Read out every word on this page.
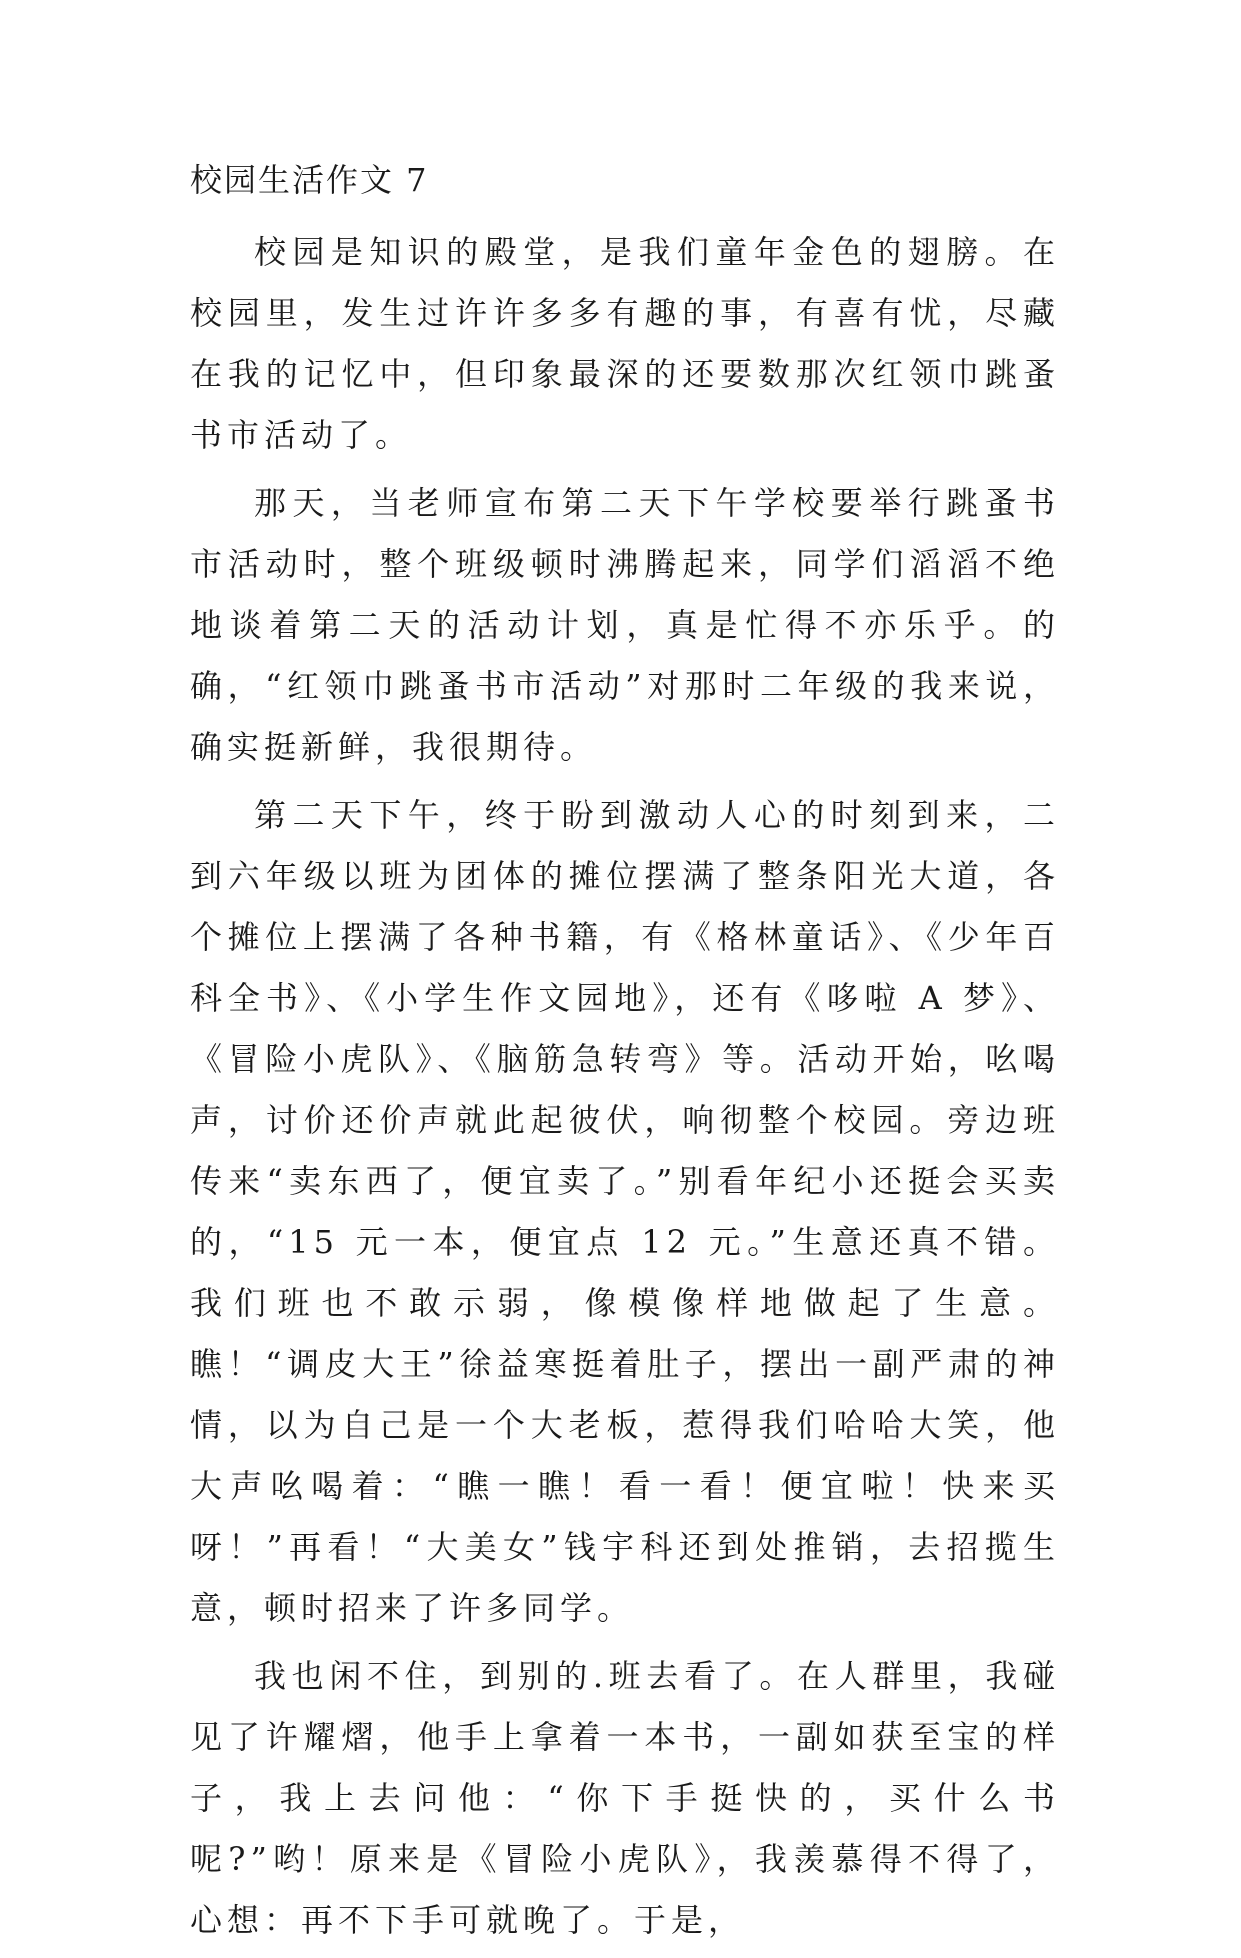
校园生活作文 7

校园是知识的殿堂，是我们童年金色的翅膀。在校园里，发生过许许多多有趣的事，有喜有忧，尽藏在我的记忆中，但印象最深的还要数那次红领巾跳蚤书市活动了。

那天，当老师宣布第二天下午学校要举行跳蚤书市活动时，整个班级顿时沸腾起来，同学们滔滔不绝地谈着第二天的活动计划，真是忙得不亦乐乎。的确，“红领巾跳蚤书市活动”对那时二年级的我来说，确实挺新鲜，我很期待。

第二天下午，终于盼到激动人心的时刻到来，二到六年级以班为团体的摊位摆满了整条阳光大道，各个摊位上摆满了各种书籍，有《格林童话》、《少年百科全书》、《小学生作文园地》，还有《哆啦 A 梦》、《冒险小虎队》、《脑筋急转弯》等。活动开始，吆喝声，讨价还价声就此起彼伏，响彻整个校园。旁边班传来“卖东西了，便宜卖了。”别看年纪小还挺会买卖的，“15 元一本，便宜点 12 元。”生意还真不错。我们班也不敢示弱，像模像样地做起了生意。瞧！“调皮大王”徐益寒挺着肚子，摆出一副严肃的神情，以为自己是一个大老板，惹得我们哈哈大笑，他大声吆喝着：“瞧一瞧！看一看！便宜啦！快来买呀！”再看！“大美女”钱宇科还到处推销，去招揽生意，顿时招来了许多同学。

我也闲不住，到别的.班去看了。在人群里，我碰见了许耀熠，他手上拿着一本书，一副如获至宝的样子，我上去问他：“你下手挺快的，买什么书呢?”哟！原来是《冒险小虎队》，我羡慕得不得了，心想：再不下手可就晚了。于是，
